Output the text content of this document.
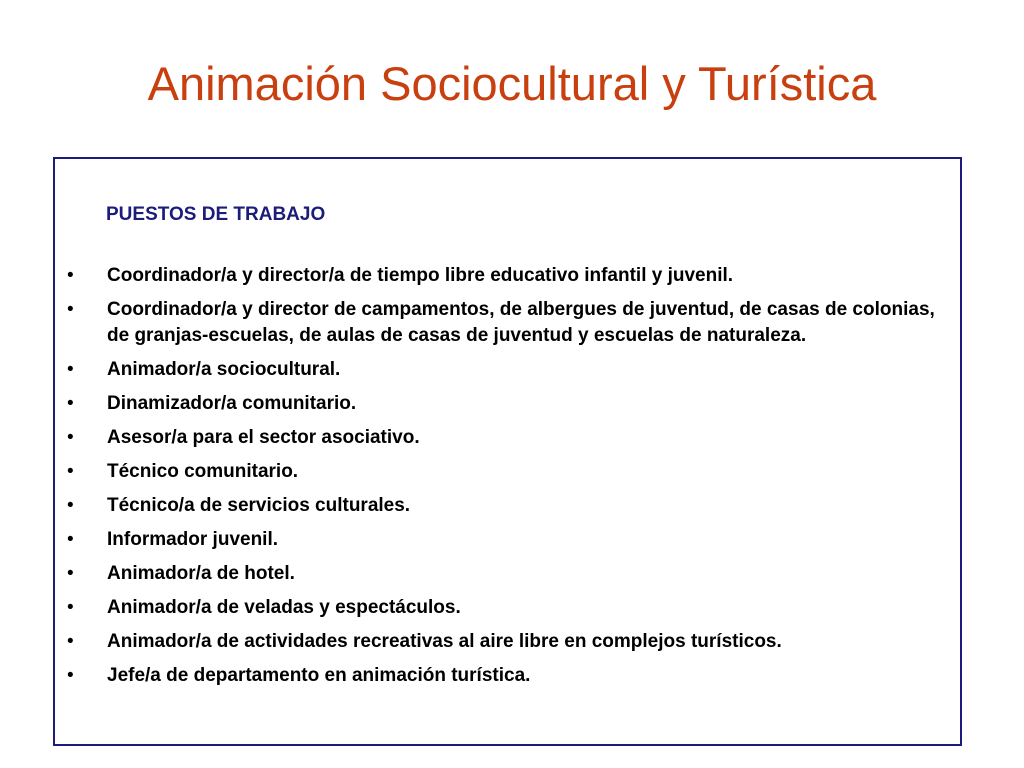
Animación Sociocultural y Turística
PUESTOS DE TRABAJO
• Coordinador/a y director/a de tiempo libre educativo infantil y juvenil.
• Coordinador/a y director de campamentos, de albergues de juventud, de casas de colonias, de granjas-escuelas, de aulas de casas de juventud y escuelas de naturaleza.
• Animador/a sociocultural.
• Dinamizador/a comunitario.
• Asesor/a para el sector asociativo.
• Técnico comunitario.
• Técnico/a de servicios culturales.
• Informador juvenil.
• Animador/a de hotel.
• Animador/a de veladas y espectáculos.
• Animador/a de actividades recreativas al aire libre en complejos turísticos.
• Jefe/a de departamento en animación turística.
